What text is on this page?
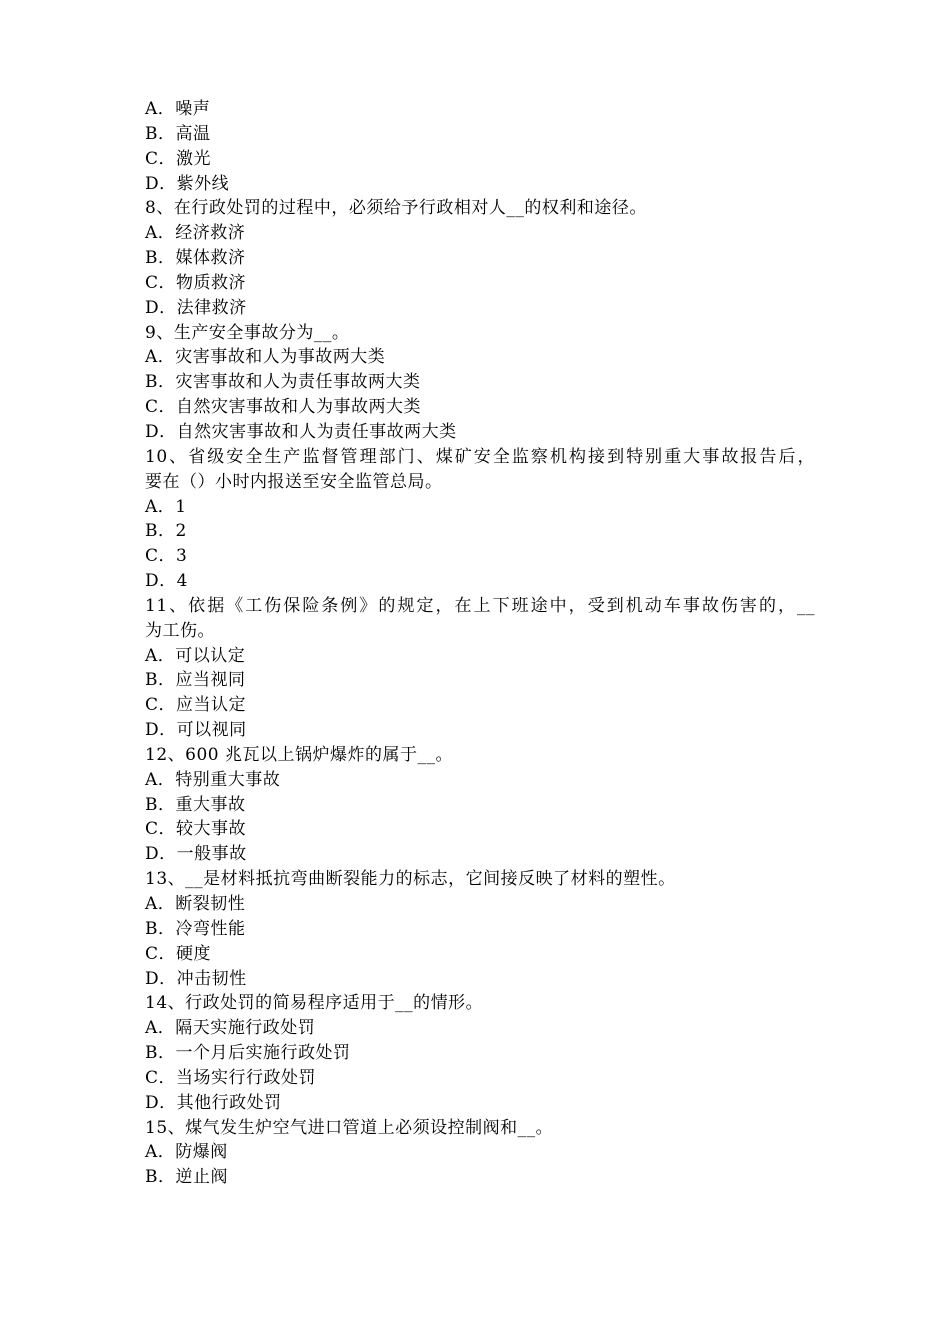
A．噪声
B．高温
C．激光
D．紫外线
8、在行政处罚的过程中，必须给予行政相对人__的权利和途径。
A．经济救济
B．媒体救济
C．物质救济
D．法律救济
9、生产安全事故分为__。
A．灾害事故和人为事故两大类
B．灾害事故和人为责任事故两大类
C．自然灾害事故和人为事故两大类
D．自然灾害事故和人为责任事故两大类
10、省级安全生产监督管理部门、煤矿安全监察机构接到特别重大事故报告后，
要在（）小时内报送至安全监管总局。
A．1
B．2
C．3
D．4
11、依据《工伤保险条例》的规定，在上下班途中，受到机动车事故伤害的，__
为工伤。
A．可以认定
B．应当视同
C．应当认定
D．可以视同
12、600 兆瓦以上锅炉爆炸的属于__。
A．特别重大事故
B．重大事故
C．较大事故
D．一般事故
13、__是材料抵抗弯曲断裂能力的标志，它间接反映了材料的塑性。
A．断裂韧性
B．冷弯性能
C．硬度
D．冲击韧性
14、行政处罚的简易程序适用于__的情形。
A．隔天实施行政处罚
B．一个月后实施行政处罚
C．当场实行行政处罚
D．其他行政处罚
15、煤气发生炉空气进口管道上必须设控制阀和__。
A．防爆阀
B．逆止阀
